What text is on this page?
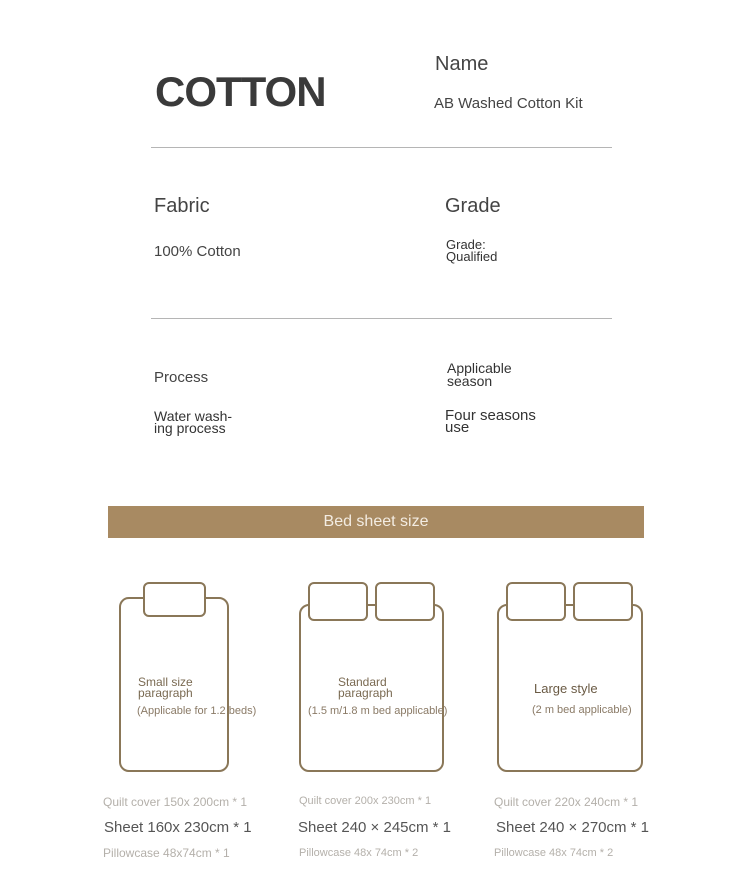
COTTON
Name
AB Washed Cotton Kit
Fabric
100% Cotton
Grade
Grade:
Qualified
Process
Water wash-
ing process
Applicable
season
Four seasons
use
Bed sheet size
Small size
paragraph
(Applicable for 1.2 beds)
Standard
paragraph
(1.5 m/1.8 m bed applicable)
Large style
(2 m bed applicable)
Quilt cover 150x 200cm * 1
Sheet 160x 230cm * 1
Pillowcase 48x74cm * 1
Quilt cover 200x 230cm * 1
Sheet 240 × 245cm * 1
Pillowcase 48x 74cm * 2
Quilt cover 220x 240cm * 1
Sheet 240 × 270cm * 1
Pillowcase 48x 74cm * 2
